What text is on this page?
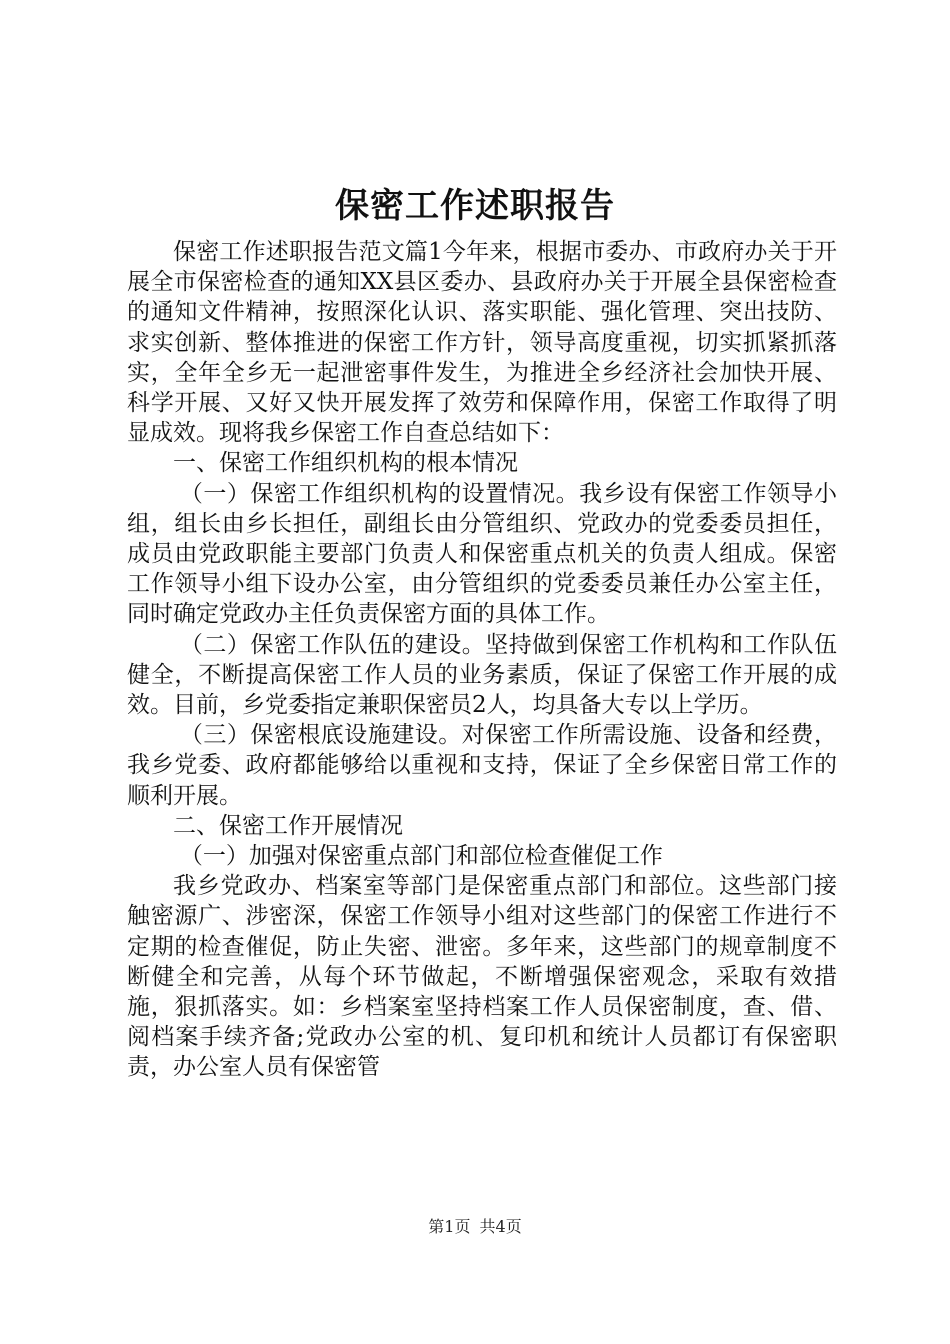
保密工作述职报告

保密工作述职报告范文篇1今年来，根据市委办、市政府办关于开展全市保密检查的通知XX县区委办、县政府办关于开展全县保密检查的通知文件精神，按照深化认识、落实职能、强化管理、突出技防、求实创新、整体推进的保密工作方针，领导高度重视，切实抓紧抓落实，全年全乡无一起泄密事件发生，为推进全乡经济社会加快开展、科学开展、又好又快开展发挥了效劳和保障作用，保密工作取得了明显成效。现将我乡保密工作自查总结如下：

一、保密工作组织机构的根本情况

（一）保密工作组织机构的设置情况。我乡设有保密工作领导小组，组长由乡长担任，副组长由分管组织、党政办的党委委员担任，成员由党政职能主要部门负责人和保密重点机关的负责人组成。保密工作领导小组下设办公室，由分管组织的党委委员兼任办公室主任，同时确定党政办主任负责保密方面的具体工作。

（二）保密工作队伍的建设。坚持做到保密工作机构和工作队伍健全，不断提高保密工作人员的业务素质，保证了保密工作开展的成效。目前，乡党委指定兼职保密员2人，均具备大专以上学历。

（三）保密根底设施建设。对保密工作所需设施、设备和经费，我乡党委、政府都能够给以重视和支持，保证了全乡保密日常工作的顺利开展。

二、保密工作开展情况

（一）加强对保密重点部门和部位检查催促工作

我乡党政办、档案室等部门是保密重点部门和部位。这些部门接触密源广、涉密深，保密工作领导小组对这些部门的保密工作进行不定期的检查催促，防止失密、泄密。多年来，这些部门的规章制度不断健全和完善，从每个环节做起，不断增强保密观念，采取有效措施，狠抓落实。如：乡档案室坚持档案工作人员保密制度，查、借、阅档案手续齐备;党政办公室的机、复印机和统计人员都订有保密职责，办公室人员有保密管

第1页 共4页
